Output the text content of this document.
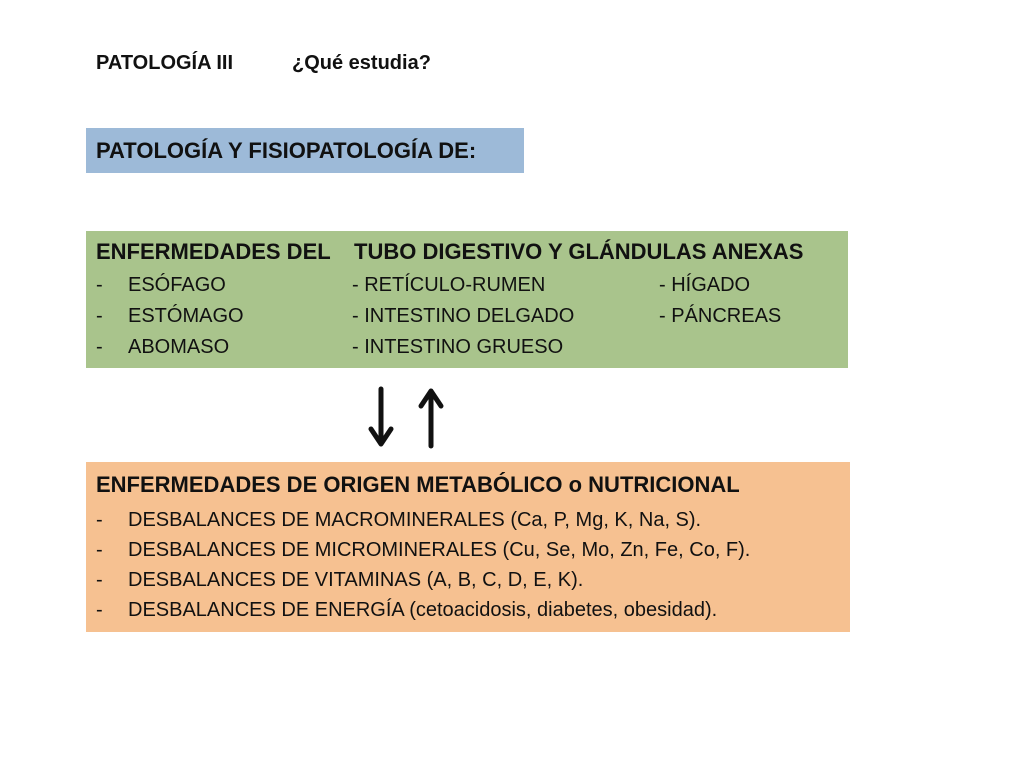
PATOLOGÍA III	¿Qué estudia?
PATOLOGÍA Y FISIOPATOLOGÍA DE:
ENFERMEDADES DEL TUBO DIGESTIVO Y GLÁNDULAS ANEXAS
- ESÓFAGO
- ESTÓMAGO
- ABOMASO
- RETÍCULO-RUMEN
- INTESTINO DELGADO
- INTESTINO GRUESO
- HÍGADO
- PÁNCREAS
ENFERMEDADES DE ORIGEN METABÓLICO o NUTRICIONAL
- DESBALANCES DE MACROMINERALES (Ca, P, Mg, K, Na, S).
- DESBALANCES DE MICROMINERALES (Cu, Se, Mo, Zn, Fe, Co, F).
- DESBALANCES DE VITAMINAS (A, B, C, D, E, K).
- DESBALANCES DE ENERGÍA (cetoacidosis, diabetes, obesidad).
